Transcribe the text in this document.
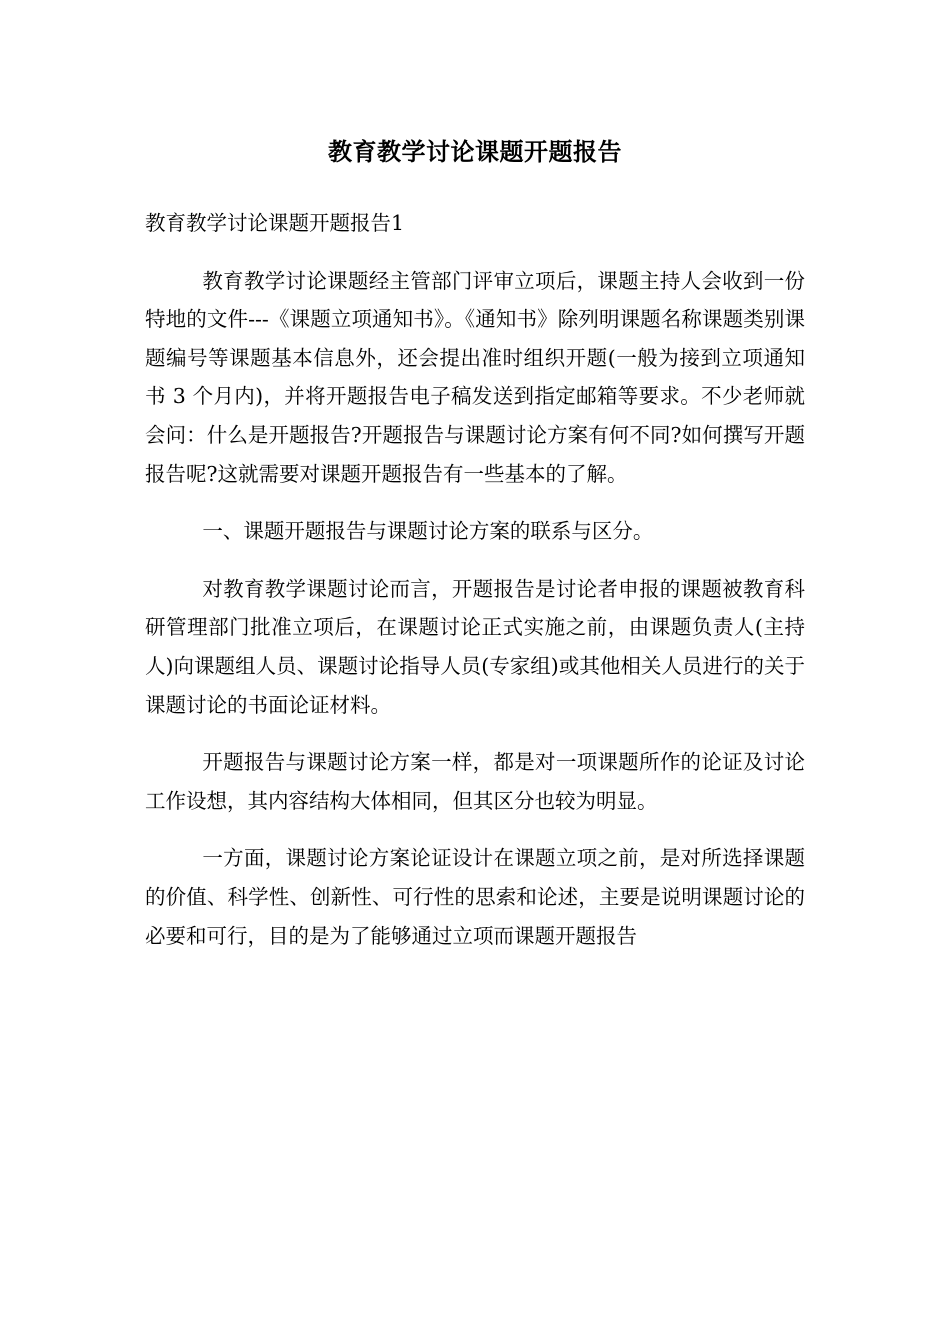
教育教学讨论课题开题报告

教育教学讨论课题开题报告1

教育教学讨论课题经主管部门评审立项后，课题主持人会收到一份特地的文件---《课题立项通知书》。《通知书》除列明课题名称课题类别课题编号等课题基本信息外，还会提出准时组织开题(一般为接到立项通知书 3 个月内)，并将开题报告电子稿发送到指定邮箱等要求。不少老师就会问：什么是开题报告?开题报告与课题讨论方案有何不同?如何撰写开题报告呢?这就需要对课题开题报告有一些基本的了解。

一、课题开题报告与课题讨论方案的联系与区分。

对教育教学课题讨论而言，开题报告是讨论者申报的课题被教育科研管理部门批准立项后，在课题讨论正式实施之前，由课题负责人(主持人)向课题组人员、课题讨论指导人员(专家组)或其他相关人员进行的关于课题讨论的书面论证材料。

开题报告与课题讨论方案一样，都是对一项课题所作的论证及讨论工作设想，其内容结构大体相同，但其区分也较为明显。

一方面，课题讨论方案论证设计在课题立项之前，是对所选择课题的价值、科学性、创新性、可行性的思索和论述，主要是说明课题讨论的必要和可行，目的是为了能够通过立项而课题开题报告
